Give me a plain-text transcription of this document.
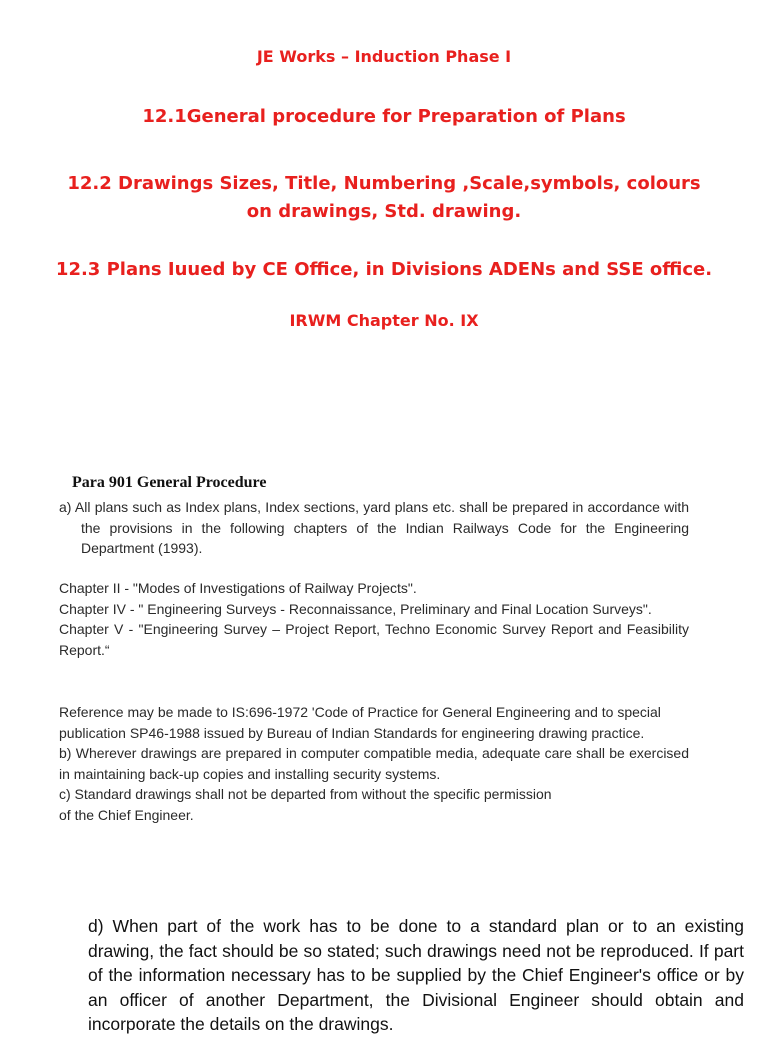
JE Works – Induction Phase I
12.1General procedure for Preparation of Plans
12.2 Drawings Sizes, Title, Numbering ,Scale,symbols, colours
on drawings, Std. drawing.
12.3 Plans Iuued by CE Office, in Divisions ADENs and SSE office.
IRWM Chapter No. IX
Para 901 General Procedure
a) All plans such as Index plans, Index sections, yard plans etc. shall be prepared in accordance with the provisions in the following chapters of the Indian Railways Code for the Engineering Department (1993).

Chapter II - "Modes of Investigations of Railway Projects".

Chapter IV - " Engineering Surveys - Reconnaissance, Preliminary and Final Location Surveys".

Chapter V - "Engineering Survey – Project Report, Techno Economic Survey Report and Feasibility Report.“

Reference may be made to IS:696-1972 'Code of Practice for General Engineering and to special publication SP46-1988 issued by Bureau of Indian Standards for engineering drawing practice.

b) Wherever drawings are prepared in computer compatible media, adequate care shall be exercised in maintaining back-up copies and installing security systems.

c) Standard drawings shall not be departed from without the specific permission

of the Chief Engineer.

d) When part of the work has to be done to a standard plan or to an existing drawing, the fact should be so stated; such drawings need not be reproduced. If part of the information necessary has to be supplied by the Chief Engineer's office or by an officer of another Department, the Divisional Engineer should obtain and incorporate the details on the drawings.
